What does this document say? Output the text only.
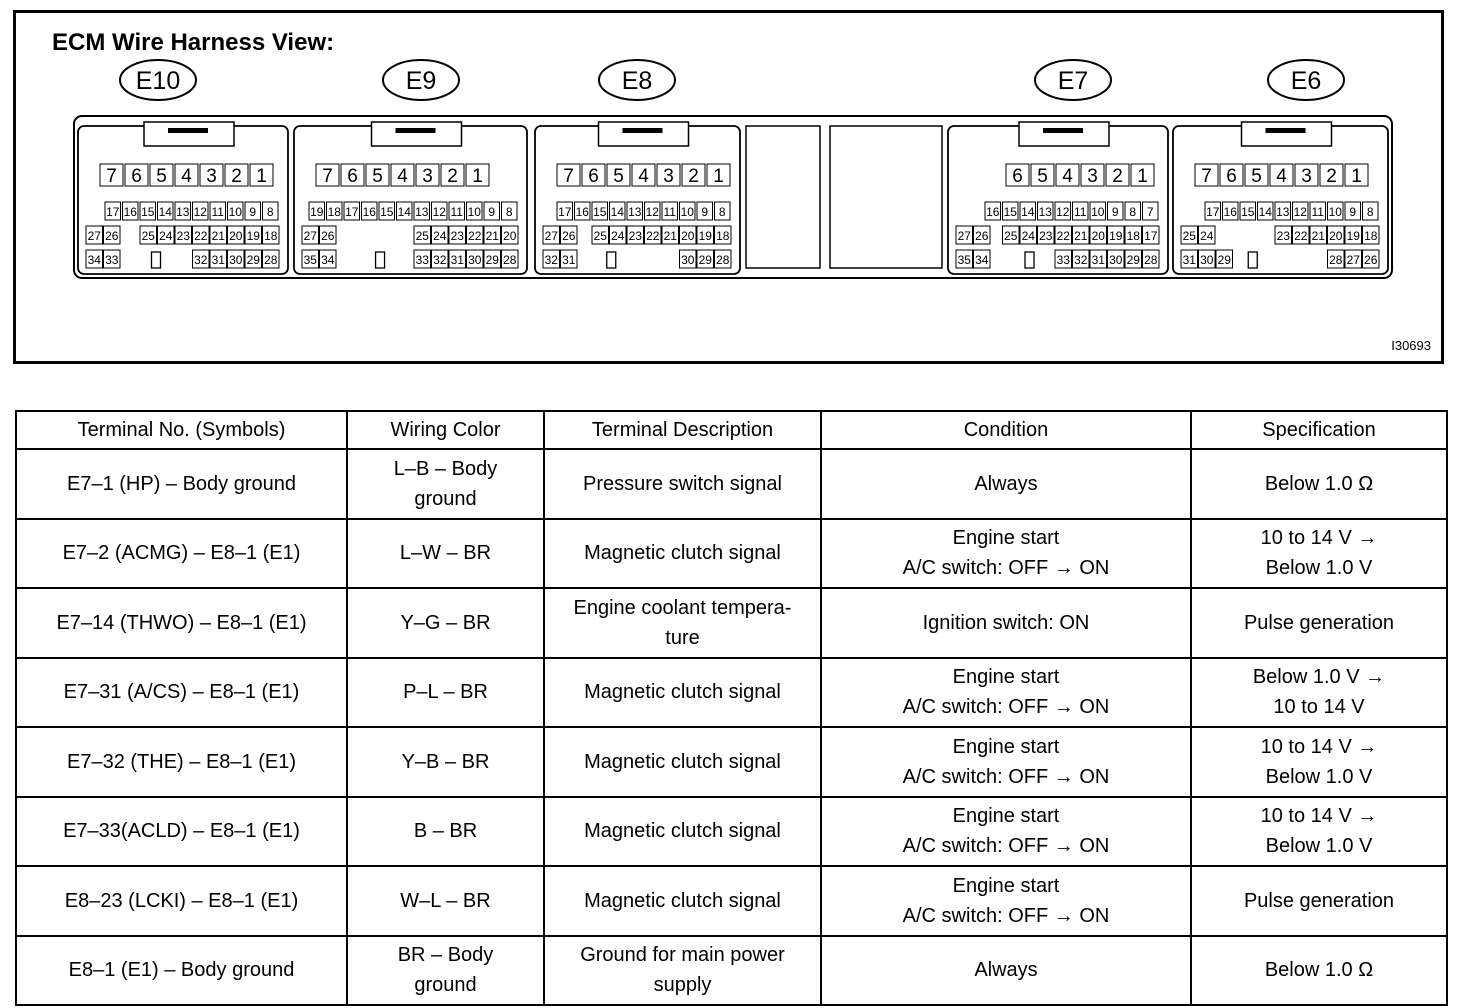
ECM Wire Harness View:
E10
7 6 5 4 3 2 1
17 16 15 14 13 12 11 10 9 8
27 26 25 24 23 22 21 20 19 18
34 33	32 31 30 29 28
E9
7 6 5 4 3 2 1
19 18 17 16 15 14 13 12 11 10 9 8
27 26	25 24 23 22 21 20
35 34	33 32 31 30 29 28
E8
7 6 5 4 3 2 1
17 16 15 14 13 12 11 10 9 8
27 26 25 24 23 22 21 20 19 18
32 31	30 29 28
E7
6 5 4 3 2 1
16 15 14 13 12 11 10 9 8 7
27 26 25 24 23 22 21 20 19 18 17
35 34	33 32 31 30 29 28
E6
7 6 5 4 3 2 1
17 16 15 14 13 12 11 10 9 8
25 24	23 22 21 20 19 18
31 30 29	28 27 26
I30693
Terminal No. (Symbols)	Wiring Color	Terminal Description	Condition	Specification

E7–1 (HP) – Body ground	L–B – Body
ground	Pressure switch signal	Always	Below 1.0 Ω

E7–2 (ACMG) – E8–1 (E1)	L–W – BR	Magnetic clutch signal	Engine start
A/C switch: OFF → ON	10 to 14 V →
Below 1.0 V

E7–14 (THWO) – E8–1 (E1)	Y–G – BR	Engine coolant tempera-
ture	Ignition switch: ON	Pulse generation

E7–31 (A/CS) – E8–1 (E1)	P–L – BR	Magnetic clutch signal	Engine start
A/C switch: OFF → ON	Below 1.0 V →
10 to 14 V

E7–32 (THE) – E8–1 (E1)	Y–B – BR	Magnetic clutch signal	Engine start
A/C switch: OFF → ON	10 to 14 V →
Below 1.0 V

E7–33(ACLD) – E8–1 (E1)	B – BR	Magnetic clutch signal	Engine start
A/C switch: OFF → ON	10 to 14 V →
Below 1.0 V

E8–23 (LCKI) – E8–1 (E1)	W–L – BR	Magnetic clutch signal	Engine start
A/C switch: OFF → ON	Pulse generation

E8–1 (E1) – Body ground	BR – Body
ground	Ground for main power
supply	Always	Below 1.0 Ω
